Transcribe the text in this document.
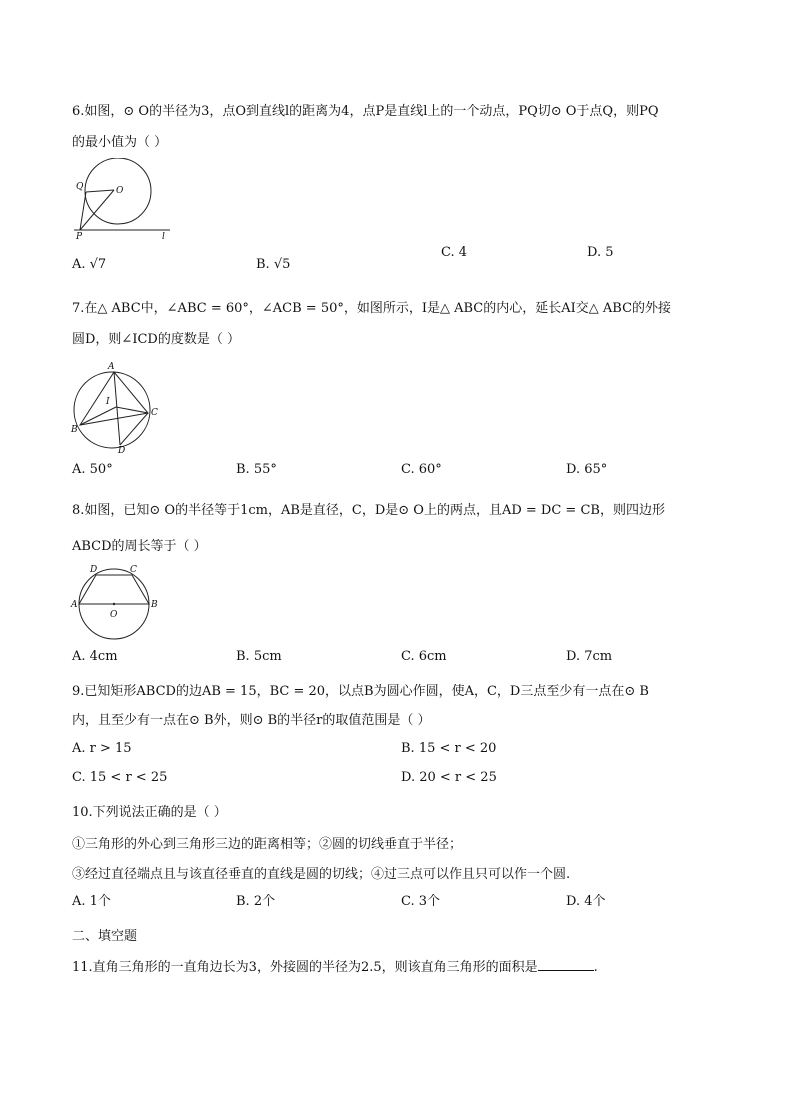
6.如图，⊙ O的半径为3，点O到直线l的距离为4，点P是直线l上的一个动点，PQ切⊙ O于点Q，则PQ
的最小值为（ ）
Q	O
P	l
A. √7	B. √5
C. 4	D. 5
7.在△ ABC中，∠ABC = 60°，∠ACB = 50°，如图所示，I是△ ABC的内心，延长AI交△ ABC的外接
圆D，则∠ICD的度数是（ ）
A
I
B
C
D
A. 50°	B. 55°	C. 60°	D. 65°
8.如图，已知⊙ O的半径等于1cm，AB是直径，C，D是⊙ O上的两点，且AD = DC = CB，则四边形
ABCD的周长等于（ ）
D	C
A	B
O
A. 4cm	B. 5cm	C. 6cm	D. 7cm
9.已知矩形ABCD的边AB = 15，BC = 20，以点B为圆心作圆，使A，C，D三点至少有一点在⊙ B
内，且至少有一点在⊙ B外，则⊙ B的半径r的取值范围是（ ）
A. r > 15	B. 15 < r < 20
C. 15 < r < 25	D. 20 < r < 25
10.下列说法正确的是（ ）
①三角形的外心到三角形三边的距离相等；②圆的切线垂直于半径；
③经过直径端点且与该直径垂直的直线是圆的切线；④过三点可以作且只可以作一个圆.
A. 1个	B. 2个	C. 3个	D. 4个
二、填空题
11.直角三角形的一直角边长为3，外接圆的半径为2.5，则该直角三角形的面积是	.
